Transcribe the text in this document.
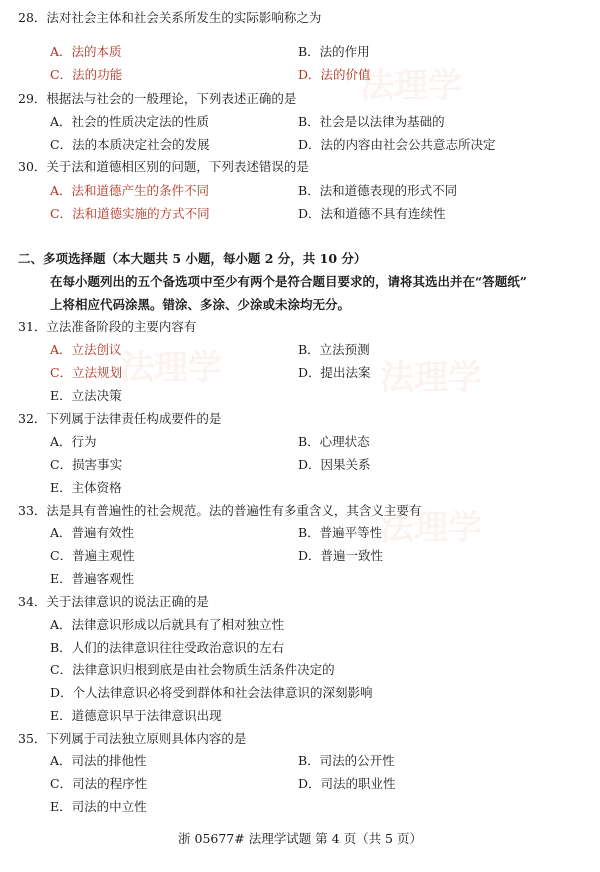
法理学
法理学	法理学
法理学
28．法对社会主体和社会关系所发生的实际影响称之为
A．法的本质	B．法的作用
C．法的功能	D．法的价值
29．根据法与社会的一般理论，下列表述正确的是
A．社会的性质决定法的性质	B．社会是以法律为基础的
C．法的本质决定社会的发展	D．法的内容由社会公共意志所决定
30．关于法和道德相区别的问题，下列表述错误的是
A．法和道德产生的条件不同	B．法和道德表现的形式不同
C．法和道德实施的方式不同	D．法和道德不具有连续性
二、多项选择题（本大题共 5 小题，每小题 2 分，共 10 分）
在每小题列出的五个备选项中至少有两个是符合题目要求的，请将其选出并在“答题纸”
上将相应代码涂黑。错涂、多涂、少涂或未涂均无分。
31．立法准备阶段的主要内容有
A．立法创议	B．立法预测
C．立法规划	D．提出法案
E．立法决策
32．下列属于法律责任构成要件的是
A．行为	B．心理状态
C．损害事实	D．因果关系
E．主体资格
33．法是具有普遍性的社会规范。法的普遍性有多重含义，其含义主要有
A．普遍有效性	B．普遍平等性
C．普遍主观性	D．普遍一致性
E．普遍客观性
34．关于法律意识的说法正确的是
A．法律意识形成以后就具有了相对独立性
B．人们的法律意识往往受政治意识的左右
C．法律意识归根到底是由社会物质生活条件决定的
D．个人法律意识必将受到群体和社会法律意识的深刻影响
E．道德意识早于法律意识出现
35．下列属于司法独立原则具体内容的是
A．司法的排他性	B．司法的公开性
C．司法的程序性	D．司法的职业性
E．司法的中立性
浙 05677# 法理学试题 第 4 页（共 5 页）
